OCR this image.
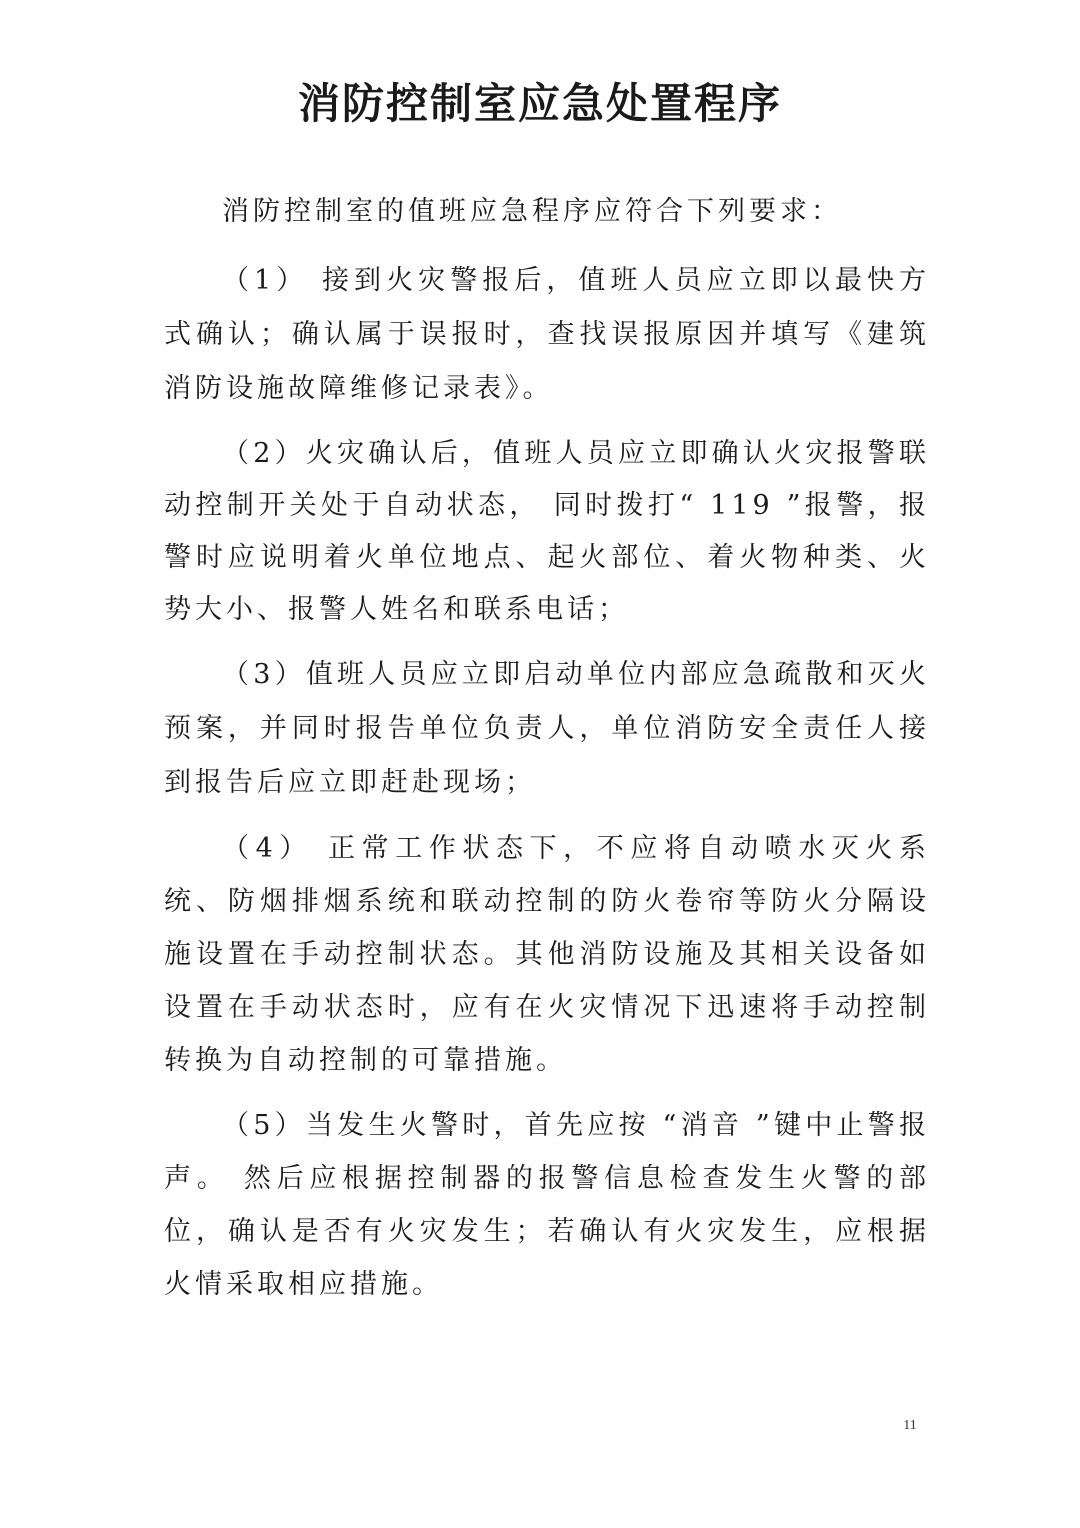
消防控制室应急处置程序

消防控制室的值班应急程序应符合下列要求：

（1） 接到火灾警报后，值班人员应立即以最快方式确认；确认属于误报时，查找误报原因并填写《建筑消防设施故障维修记录表》。

（2）火灾确认后，值班人员应立即确认火灾报警联动控制开关处于自动状态， 同时拨打“ 119 ”报警，报警时应说明着火单位地点、起火部位、着火物种类、火势大小、报警人姓名和联系电话；

（3）值班人员应立即启动单位内部应急疏散和灭火预案，并同时报告单位负责人，单位消防安全责任人接到报告后应立即赶赴现场；

（4） 正常工作状态下，不应将自动喷水灭火系统、防烟排烟系统和联动控制的防火卷帘等防火分隔设施设置在手动控制状态。其他消防设施及其相关设备如设置在手动状态时，应有在火灾情况下迅速将手动控制转换为自动控制的可靠措施。

（5）当发生火警时，首先应按 “消音 ”键中止警报声。 然后应根据控制器的报警信息检查发生火警的部位，确认是否有火灾发生；若确认有火灾发生，应根据火情采取相应措施。

11
